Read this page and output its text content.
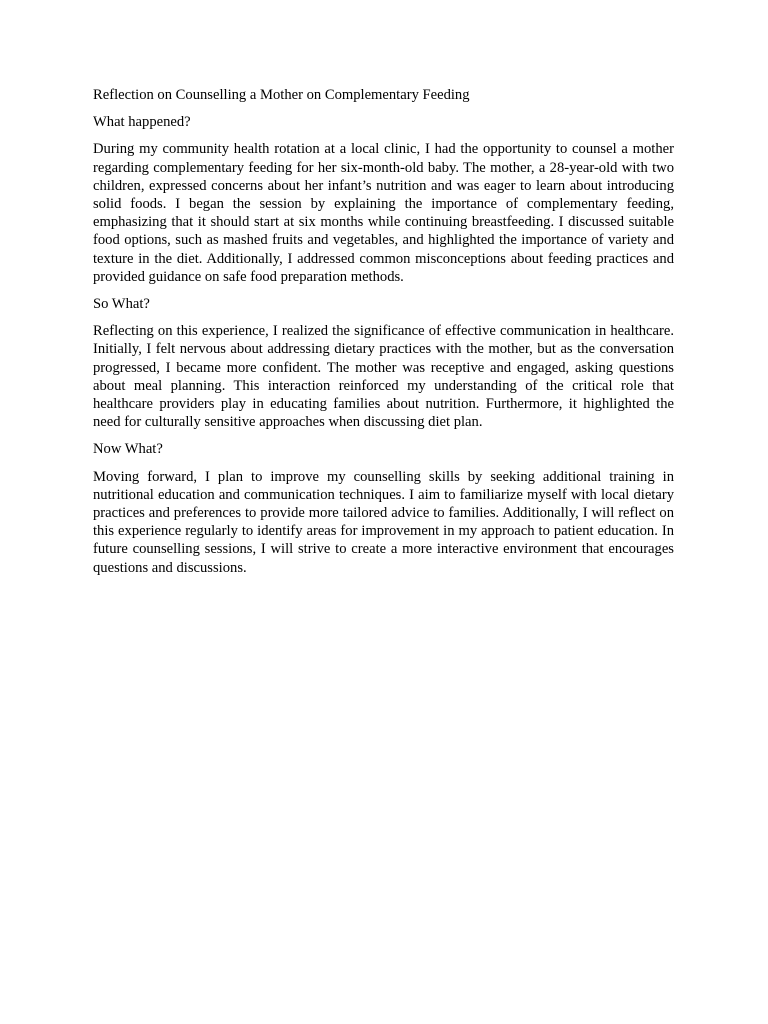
Reflection on Counselling a Mother on Complementary Feeding

What happened?

During my community health rotation at a local clinic, I had the opportunity to counsel a mother regarding complementary feeding for her six-month-old baby. The mother, a 28-year-old with two children, expressed concerns about her infant’s nutrition and was eager to learn about introducing solid foods. I began the session by explaining the importance of complementary feeding, emphasizing that it should start at six months while continuing breastfeeding. I discussed suitable food options, such as mashed fruits and vegetables, and highlighted the importance of variety and texture in the diet. Additionally, I addressed common misconceptions about feeding practices and provided guidance on safe food preparation methods.

So What?

Reflecting on this experience, I realized the significance of effective communication in healthcare. Initially, I felt nervous about addressing dietary practices with the mother, but as the conversation progressed, I became more confident. The mother was receptive and engaged, asking questions about meal planning. This interaction reinforced my understanding of the critical role that healthcare providers play in educating families about nutrition. Furthermore, it highlighted the need for culturally sensitive approaches when discussing diet plan.

Now What?

Moving forward, I plan to improve my counselling skills by seeking additional training in nutritional education and communication techniques. I aim to familiarize myself with local dietary practices and preferences to provide more tailored advice to families. Additionally, I will reflect on this experience regularly to identify areas for improvement in my approach to patient education. In future counselling sessions, I will strive to create a more interactive environment that encourages questions and discussions.
